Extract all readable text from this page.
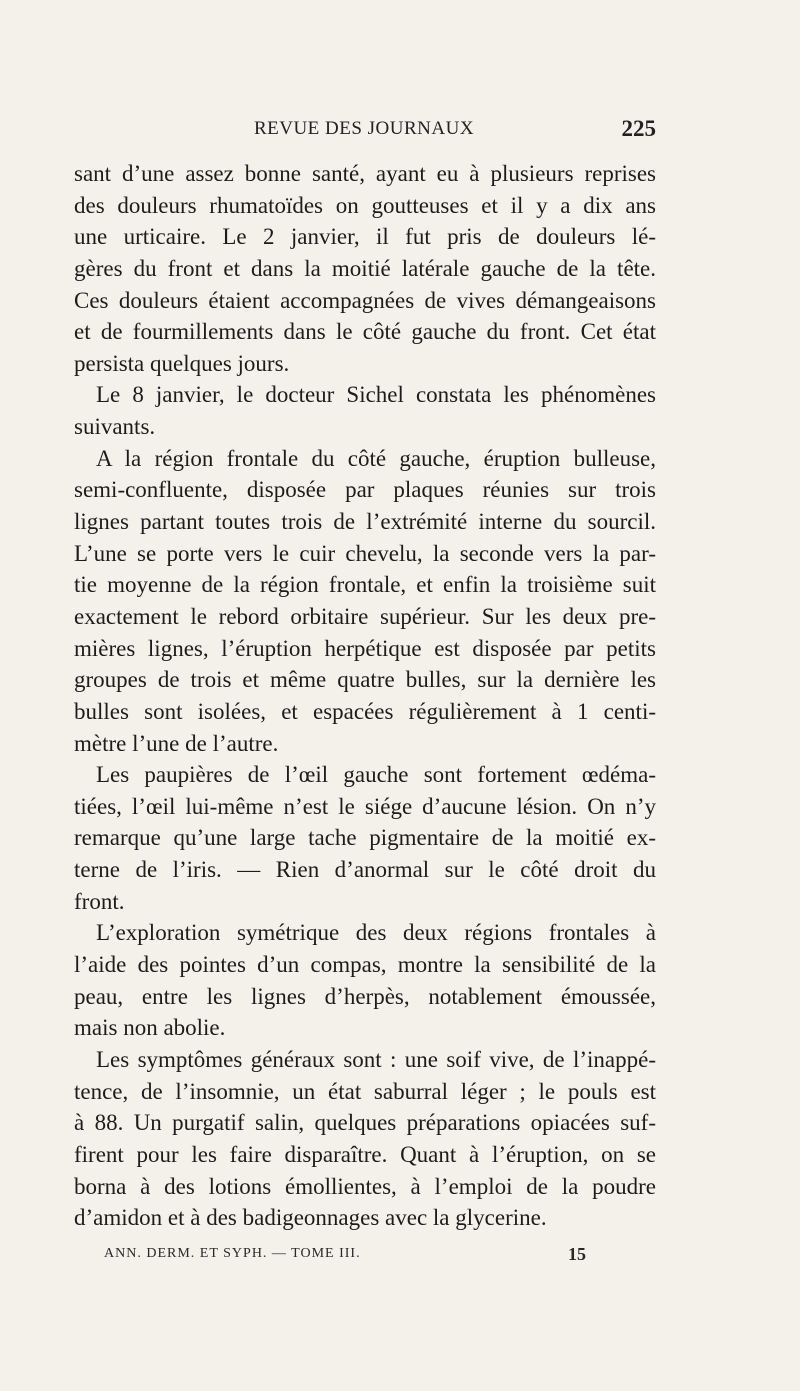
REVUE DES JOURNAUX	225
sant d’une assez bonne santé, ayant eu à plusieurs reprises
des douleurs rhumatoïdes on goutteuses et il y a dix ans
une urticaire. Le 2 janvier, il fut pris de douleurs lé-
gères du front et dans la moitié latérale gauche de la tête.
Ces douleurs étaient accompagnées de vives démangeaisons
et de fourmillements dans le côté gauche du front. Cet état
persista quelques jours.
Le 8 janvier, le docteur Sichel constata les phénomènes
suivants.
A la région frontale du côté gauche, éruption bulleuse,
semi-confluente, disposée par plaques réunies sur trois
lignes partant toutes trois de l’extrémité interne du sourcil.
L’une se porte vers le cuir chevelu, la seconde vers la par-
tie moyenne de la région frontale, et enfin la troisième suit
exactement le rebord orbitaire supérieur. Sur les deux pre-
mières lignes, l’éruption herpétique est disposée par petits
groupes de trois et même quatre bulles, sur la dernière les
bulles sont isolées, et espacées régulièrement à 1 centi-
mètre l’une de l’autre.
Les paupières de l’œil gauche sont fortement œdéma-
tiées, l’œil lui-même n’est le siége d’aucune lésion. On n’y
remarque qu’une large tache pigmentaire de la moitié ex-
terne de l’iris. — Rien d’anormal sur le côté droit du
front.
L’exploration symétrique des deux régions frontales à
l’aide des pointes d’un compas, montre la sensibilité de la
peau, entre les lignes d’herpès, notablement émoussée,
mais non abolie.
Les symptômes généraux sont : une soif vive, de l’inappé-
tence, de l’insomnie, un état saburral léger ; le pouls est
à 88. Un purgatif salin, quelques préparations opiacées suf-
firent pour les faire disparaître. Quant à l’éruption, on se
borna à des lotions émollientes, à l’emploi de la poudre
d’amidon et à des badigeonnages avec la glycerine.
ANN. DERM. ET SYPH. — TOME III.	15
